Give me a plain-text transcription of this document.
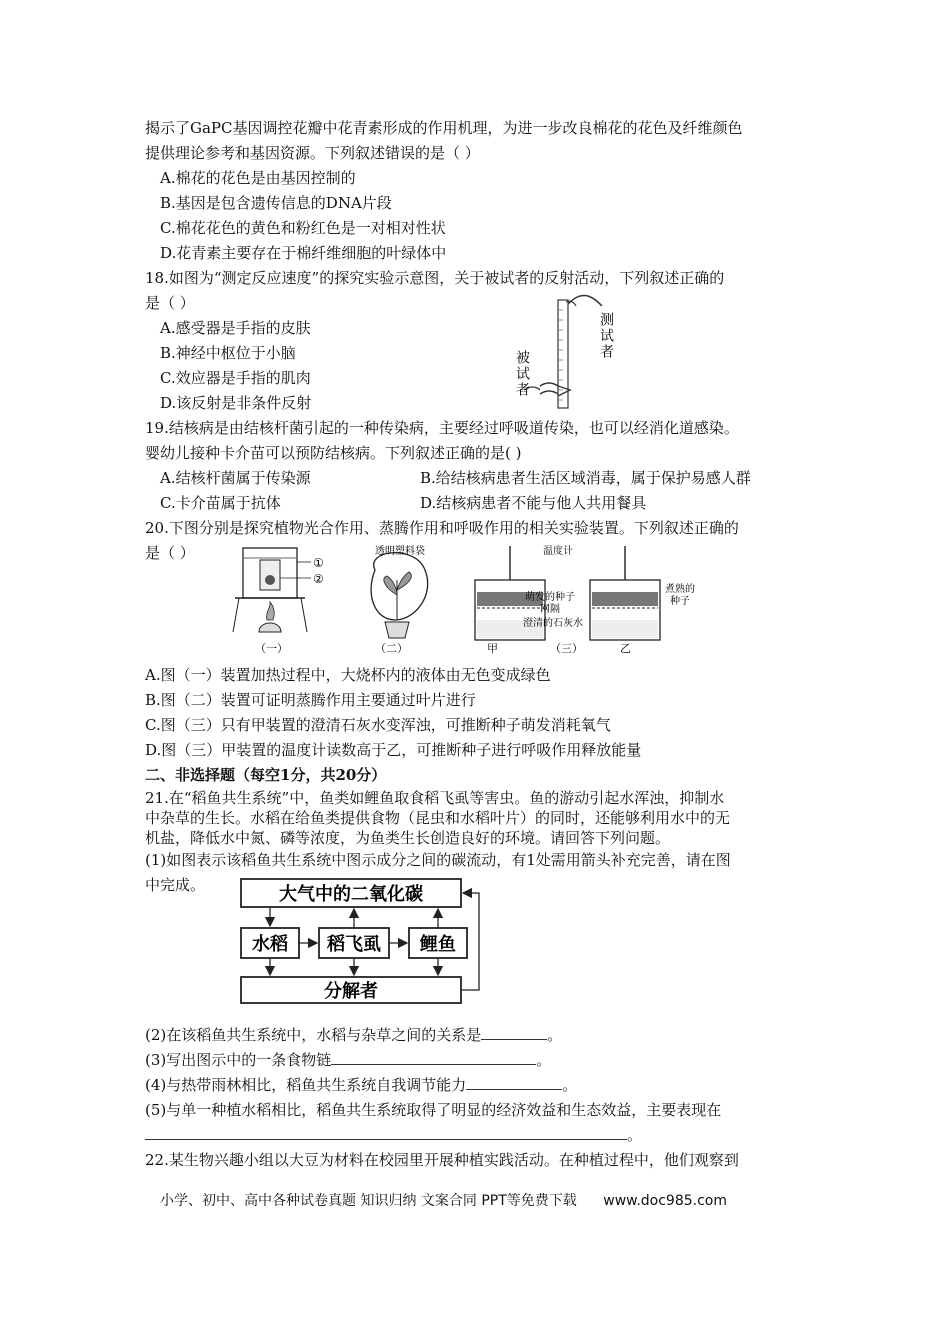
揭示了GaPC基因调控花瓣中花青素形成的作用机理，为进一步改良棉花的花色及纤维颜色
提供理论参考和基因资源。下列叙述错误的是（ ）
A.棉花的花色是由基因控制的
B.基因是包含遗传信息的DNA片段
C.棉花花色的黄色和粉红色是一对相对性状
D.花青素主要存在于棉纤维细胞的叶绿体中
18.如图为“测定反应速度”的探究实验示意图，关于被试者的反射活动，下列叙述正确的
是（ ）
A.感受器是手指的皮肤
B.神经中枢位于小脑
C.效应器是手指的肌肉
D.该反射是非条件反射
测试者
被试者
19.结核病是由结核杆菌引起的一种传染病，主要经过呼吸道传染，也可以经消化道感染。
婴幼儿接种卡介苗可以预防结核病。下列叙述正确的是( )
A.结核杆菌属于传染源	B.给结核病患者生活区域消毒，属于保护易感人群
C.卡介苗属于抗体	D.结核病患者不能与他人共用餐具
20.下图分别是探究植物光合作用、蒸腾作用和呼吸作用的相关实验装置。下列叙述正确的
是（ ）
①
②
（一）
透明塑料袋
（二）
温度计
萌发的种子
网隔
澄清的石灰水
煮熟的
种子
甲	乙
（三）
A.图（一）装置加热过程中，大烧杯内的液体由无色变成绿色
B.图（二）装置可证明蒸腾作用主要通过叶片进行
C.图（三）只有甲装置的澄清石灰水变浑浊，可推断种子萌发消耗氧气
D.图（三）甲装置的温度计读数高于乙，可推断种子进行呼吸作用释放能量
二、非选择题（每空1分，共20分）
21.在“稻鱼共生系统”中，鱼类如鲤鱼取食稻飞虱等害虫。鱼的游动引起水浑浊，抑制水
中杂草的生长。水稻在给鱼类提供食物（昆虫和水稻叶片）的同时，还能够利用水中的无
机盐，降低水中氮、磷等浓度，为鱼类生长创造良好的环境。请回答下列问题。
(1)如图表示该稻鱼共生系统中图示成分之间的碳流动，有1处需用箭头补充完善，请在图
中完成。	大气中的二氧化碳
水稻 稻飞虱 鲤鱼
分解者
(2)在该稻鱼共生系统中，水稻与杂草之间的关系是	。
(3)写出图示中的一条食物链	。
(4)与热带雨林相比，稻鱼共生系统自我调节能力	。
(5)与单一种植水稻相比，稻鱼共生系统取得了明显的经济效益和生态效益，主要表现在
。
22.某生物兴趣小组以大豆为材料在校园里开展种植实践活动。在种植过程中，他们观察到
小学、初中、高中各种试卷真题 知识归纳 文案合同 PPT等免费下载 www.doc985.com
